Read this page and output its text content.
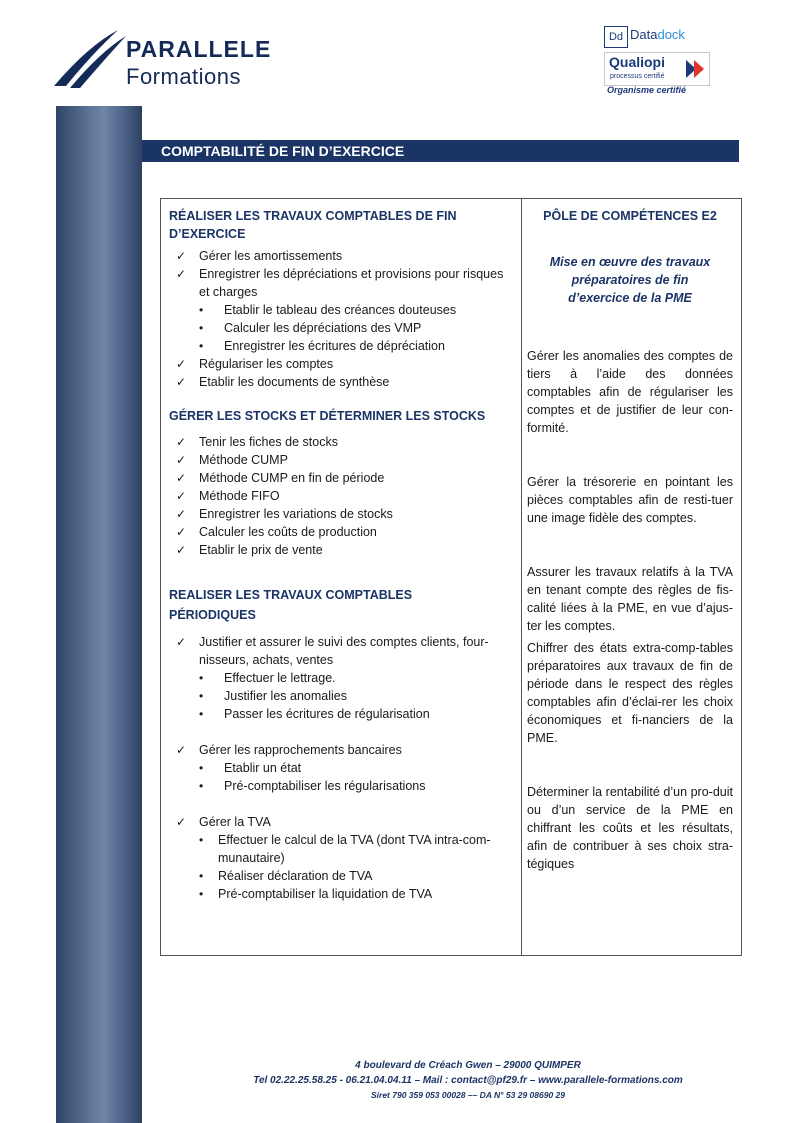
PARALLELE
Formations
Dd Datadock
Qualiopi
processus certifié
Organisme certifié
COMPTABILITÉ DE FIN D’EXERCICE

RÉALISER LES TRAVAUX COMPTABLES DE FIN D’EXERCICE

✓ Gérer les amortissements
✓ Enregistrer les dépréciations et provisions pour risques et charges
• Etablir le tableau des créances douteuses
• Calculer les dépréciations des VMP
• Enregistrer les écritures de dépréciation
✓ Régulariser les comptes
✓ Etablir les documents de synthèse

GÉRER LES STOCKS ET DÉTERMINER LES STOCKS

✓ Tenir les fiches de stocks
✓ Méthode CUMP
✓ Méthode CUMP en fin de période
✓ Méthode FIFO
✓ Enregistrer les variations de stocks
✓ Calculer les coûts de production
✓ Etablir le prix de vente

REALISER LES TRAVAUX COMPTABLES PÉRIODIQUES

✓ Justifier et assurer le suivi des comptes clients, four-nisseurs, achats, ventes
• Effectuer le lettrage.
• Justifier les anomalies
• Passer les écritures de régularisation
✓ Gérer les rapprochements bancaires
• Etablir un état
• Pré-comptabiliser les régularisations
✓ Gérer la TVA
• Effectuer le calcul de la TVA (dont TVA intra-com-munautaire)
• Réaliser déclaration de TVA
• Pré-comptabiliser la liquidation de TVA

PÔLE DE COMPÉTENCES E2

Mise en œuvre des travaux préparatoires de fin d’exercice de la PME

Gérer les anomalies des comptes de tiers à l’aide des données comptables afin de régulariser les comptes et de justifier de leur con-formité.

Gérer la trésorerie en pointant les pièces comptables afin de resti-tuer une image fidèle des comptes.

Assurer les travaux relatifs à la TVA en tenant compte des règles de fis-calité liées à la PME, en vue d’ajus-ter les comptes.

Chiffrer des états extra-comp-tables préparatoires aux travaux de fin de période dans le respect des règles comptables afin d’éclai-rer les choix économiques et fi-nanciers de la PME.

Déterminer la rentabilité d’un pro-duit ou d’un service de la PME en chiffrant les coûts et les résultats, afin de contribuer à ses choix stra-tégiques

4 boulevard de Créach Gwen – 29000 QUIMPER
Tel 02.22.25.58.25 - 06.21.04.04.11 – Mail : contact@pf29.fr – www.parallele-formations.com
Siret 790 359 053 00028 –– DA N° 53 29 08690 29
